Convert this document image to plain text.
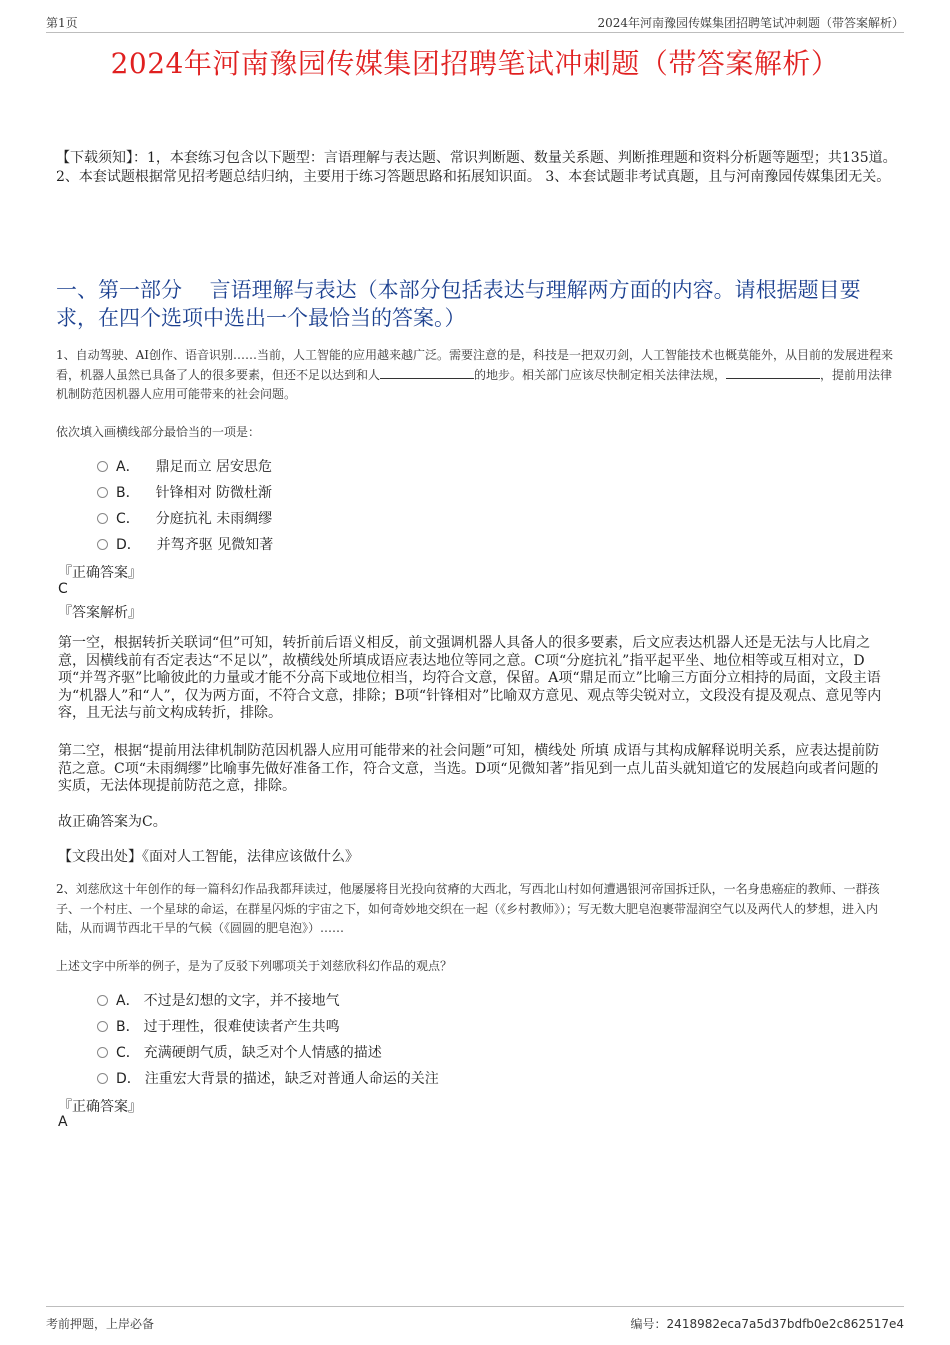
第1页	2024年河南豫园传媒集团招聘笔试冲刺题（带答案解析）
2024年河南豫园传媒集团招聘笔试冲刺题（带答案解析）
【下载须知】：1，本套练习包含以下题型：言语理解与表达题、常识判断题、数量关系题、判断推理题和资料分析题等题型；共135道。 2、本套试题根据常见招考题总结归纳，主要用于练习答题思路和拓展知识面。 3、本套试题非考试真题，且与河南豫园传媒集团无关。
一、第一部分　 言语理解与表达（本部分包括表达与理解两方面的内容。请根据题目要求，在四个选项中选出一个最恰当的答案。）
1、自动驾驶、AI创作、语音识别……当前，人工智能的应用越来越广泛。需要注意的是，科技是一把双刃剑，人工智能技术也概莫能外，从目前的发展进程来看，机器人虽然已具备了人的很多要素，但还不足以达到和人	的地步。相关部门应该尽快制定相关法律法规，	，提前用法律机制防范因机器人应用可能带来的社会问题。
依次填入画横线部分最恰当的一项是：
A． 鼎足而立 居安思危
B． 针锋相对 防微杜渐
C． 分庭抗礼 未雨绸缪
D． 并驾齐驱 见微知著
『正确答案』
C
『答案解析』
第一空，根据转折关联词“但”可知，转折前后语义相反，前文强调机器人具备人的很多要素，后文应表达机器人还是无法与人比肩之意，因横线前有否定表达“不足以”，故横线处所填成语应表达地位等同之意。C项“分庭抗礼”指平起平坐、地位相等或互相对立，D项“并驾齐驱”比喻彼此的力量或才能不分高下或地位相当，均符合文意，保留。A项“鼎足而立”比喻三方面分立相持的局面，文段主语为“机器人”和“人”，仅为两方面，不符合文意，排除；B项“针锋相对”比喻双方意见、观点等尖锐对立，文段没有提及观点、意见等内容，且无法与前文构成转折，排除。
第二空，根据“提前用法律机制防范因机器人应用可能带来的社会问题”可知，横线处 所填 成语与其构成解释说明关系，应表达提前防范之意。C项“未雨绸缪”比喻事先做好准备工作，符合文意，当选。D项“见微知著”指见到一点儿苗头就知道它的发展趋向或者问题的实质，无法体现提前防范之意，排除。
故正确答案为C。
【文段出处】《面对人工智能，法律应该做什么》
2、刘慈欣这十年创作的每一篇科幻作品我都拜读过，他屡屡将目光投向贫瘠的大西北，写西北山村如何遭遇银河帝国拆迁队，一名身患癌症的教师、一群孩子、一个村庄、一个星球的命运，在群星闪烁的宇宙之下，如何奇妙地交织在一起（《乡村教师》）；写无数大肥皂泡裹带湿润空气以及两代人的梦想，进入内陆，从而调节西北干旱的气候（《圆圆的肥皂泡》）……
上述文字中所举的例子，是为了反驳下列哪项关于刘慈欣科幻作品的观点？
A． 不过是幻想的文字，并不接地气
B． 过于理性，很难使读者产生共鸣
C． 充满硬朗气质，缺乏对个人情感的描述
D． 注重宏大背景的描述，缺乏对普通人命运的关注
『正确答案』
A
考前押题，上岸必备	编号：2418982eca7a5d37bdfb0e2c862517e4
